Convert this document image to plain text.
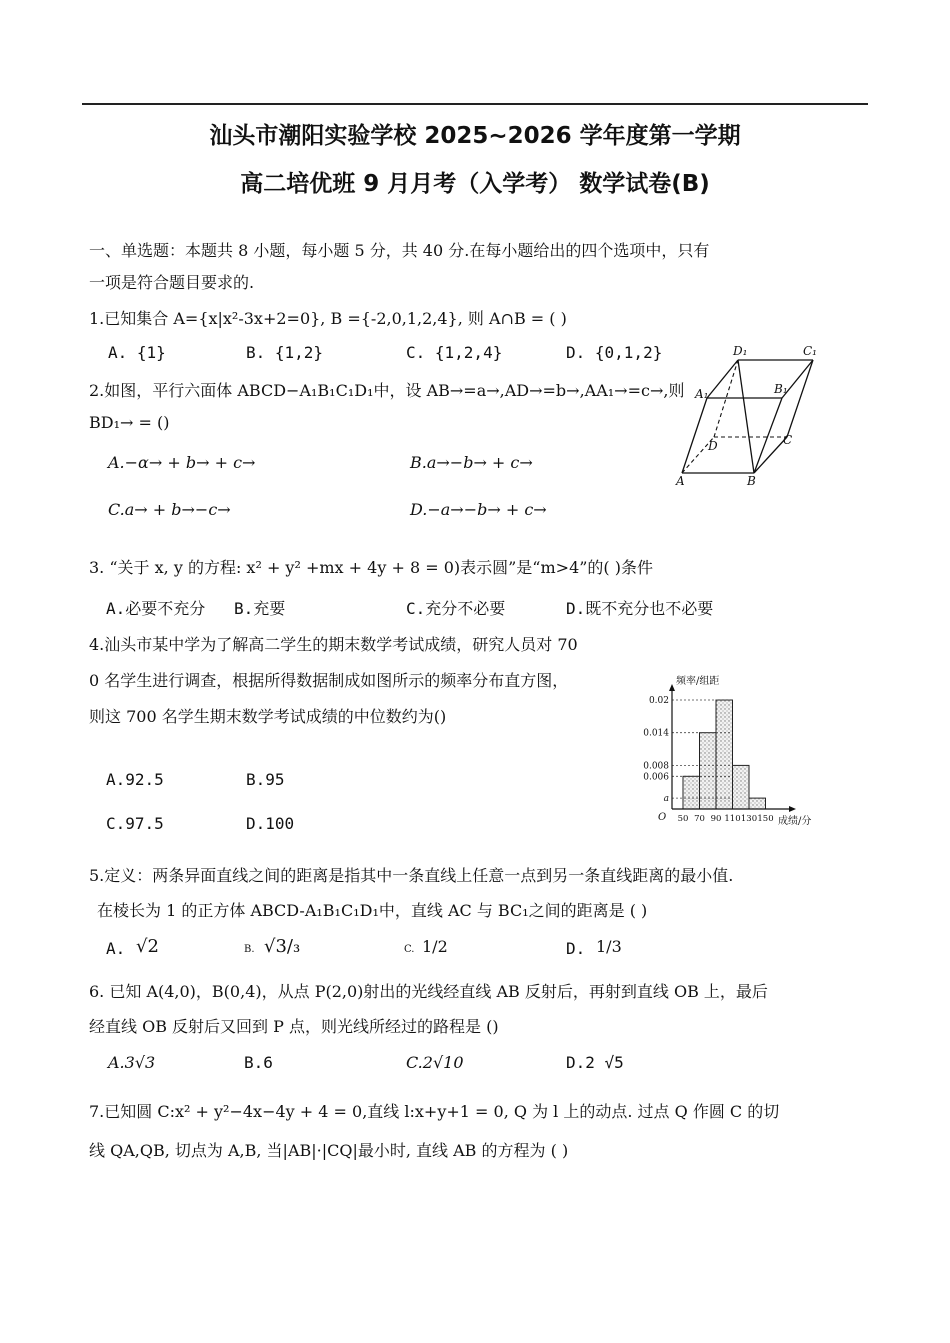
汕头市潮阳实验学校 2025~2026 学年度第一学期
高二培优班 9 月月考（入学考） 数学试卷(B)
一、单选题：本题共 8 小题，每小题 5 分，共 40 分.在每小题给出的四个选项中，只有
一项是符合题目要求的.
1.已知集合 A={x|x²-3x+2=0}, B ={-2,0,1,2,4}, 则 A∩B = ( )
A. {1}	B. {1,2}	C. {1,2,4}	D. {0,1,2}
2.如图，平行六面体 ABCD−A₁B₁C₁D₁中，设 AB→=a→,AD→=b→,AA₁→=c→,则
BD₁→ = ()
A.−α→ + b→ + c→	B.a→−b→ + c→
C.a→ + b→−c→	D.−a→−b→ + c→
D₁	C₁
A₁	B₁
D	C
A	B
3. “关于 x, y 的方程: x² + y² +mx + 4y + 8 = 0)表示圆”是“m>4”的( )条件
A.必要不充分 B.充要	C.充分不必要	D.既不充分也不必要
4.汕头市某中学为了解高二学生的期末数学考试成绩，研究人员对 70
0 名学生进行调查，根据所得数据制成如图所示的频率分布直方图，
则这 700 名学生期末数学考试成绩的中位数约为()
A.92.5	B.95
C.97.5	D.100
频率/组距
成绩/分
O
0.02
0.014
0.008
0.006
a
50 70 90 110 130 150
5.定义：两条异面直线之间的距离是指其中一条直线上任意一点到另一条直线距离的最小值.
在棱长为 1 的正方体 ABCD-A₁B₁C₁D₁中，直线 AC 与 BC₁之间的距离是 ( )
A. √2	B. √3/₃	C. 1/2	D. 1/3
6. 已知 A(4,0)，B(0,4)，从点 P(2,0)射出的光线经直线 AB 反射后，再射到直线 OB 上，最后
经直线 OB 反射后又回到 P 点，则光线所经过的路程是 ()
A.3√3	B.6	C.2√10	D.2 √5
7.已知圆 C:x² + y²−4x−4y + 4 = 0,直线 l:x+y+1 = 0, Q 为 l 上的动点. 过点 Q 作圆 C 的切
线 QA,QB, 切点为 A,B, 当|AB|·|CQ|最小时, 直线 AB 的方程为 ( )
